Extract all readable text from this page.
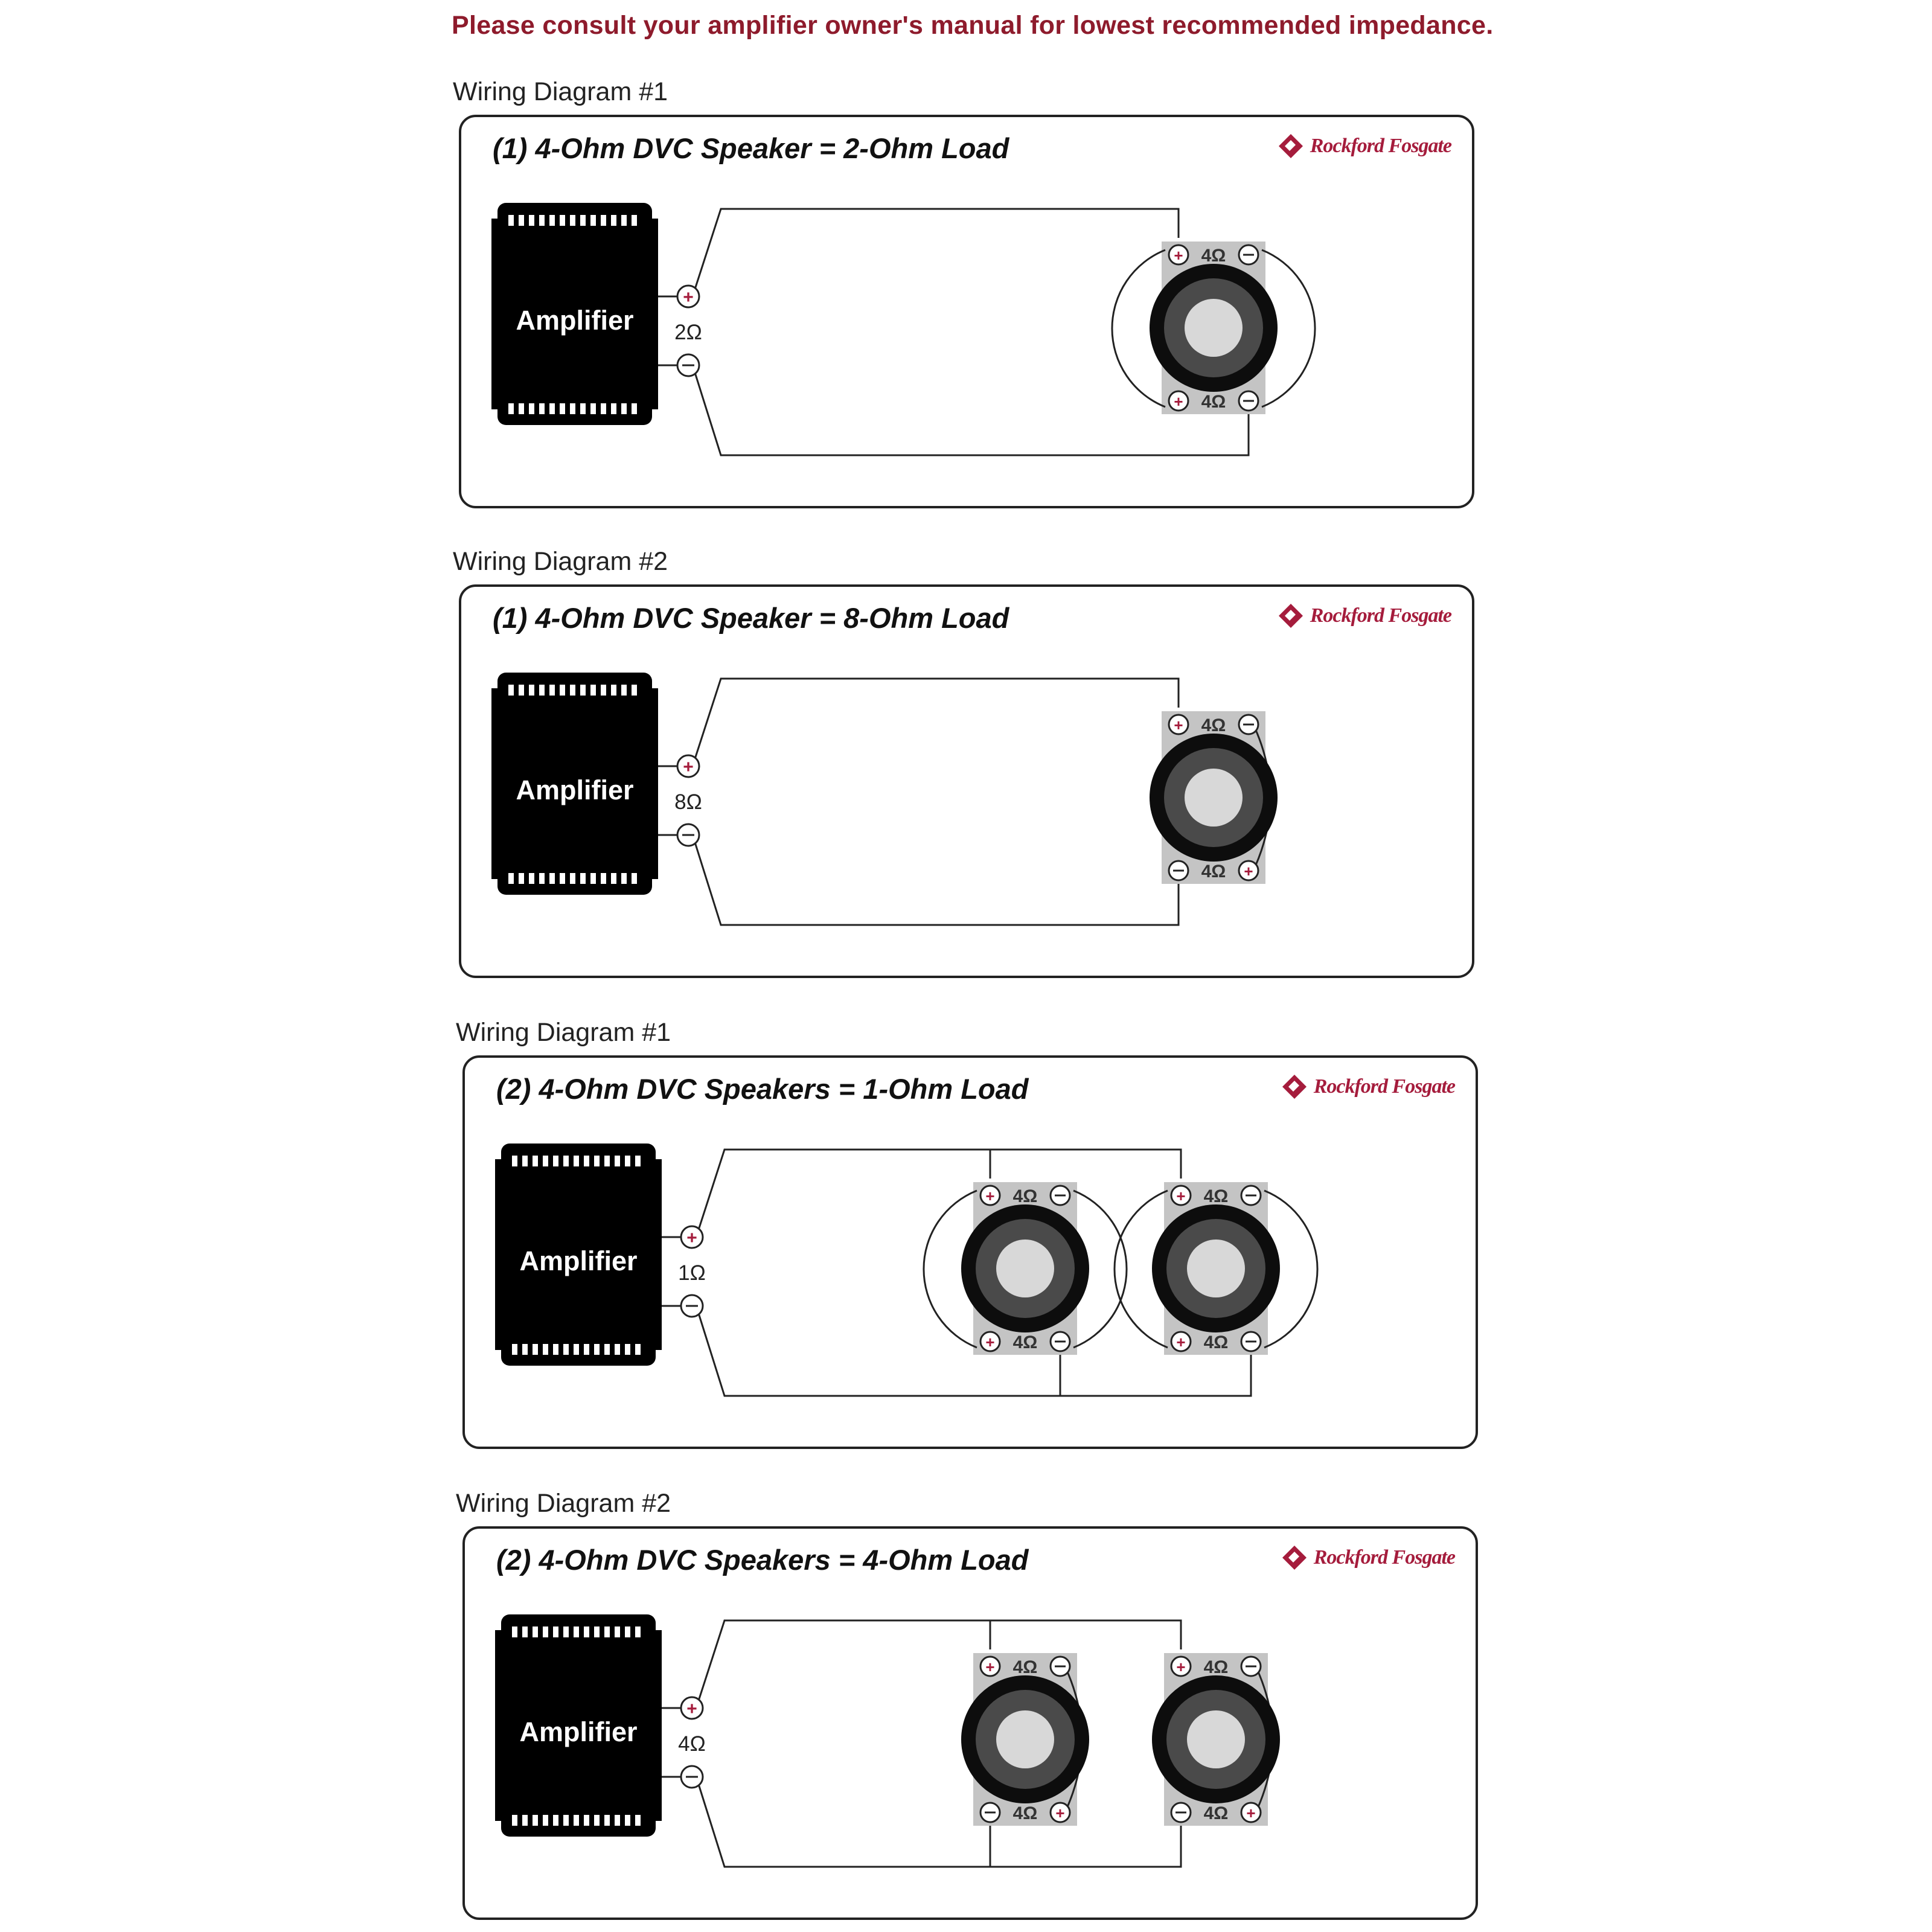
Please consult your amplifier owner's manual for lowest recommended impedance.
Wiring Diagram #1
(1) 4-Ohm DVC Speaker = 2-Ohm Load	Rockford Fosgate
Amplifier
+
2Ω
+ 4Ω
+ 4Ω
Wiring Diagram #2
(1) 4-Ohm DVC Speaker = 8-Ohm Load	Rockford Fosgate
Amplifier
+
8Ω
+ 4Ω
+
4Ω
Wiring Diagram #1
(2) 4-Ohm DVC Speakers = 1-Ohm Load	Rockford Fosgate
Amplifier
+
1Ω
+ 4Ω
+ 4Ω
+ 4Ω
+ 4Ω
Wiring Diagram #2
(2) 4-Ohm DVC Speakers = 4-Ohm Load	Rockford Fosgate
Amplifier
+
4Ω
+ 4Ω
+
4Ω
+ 4Ω
+
4Ω
